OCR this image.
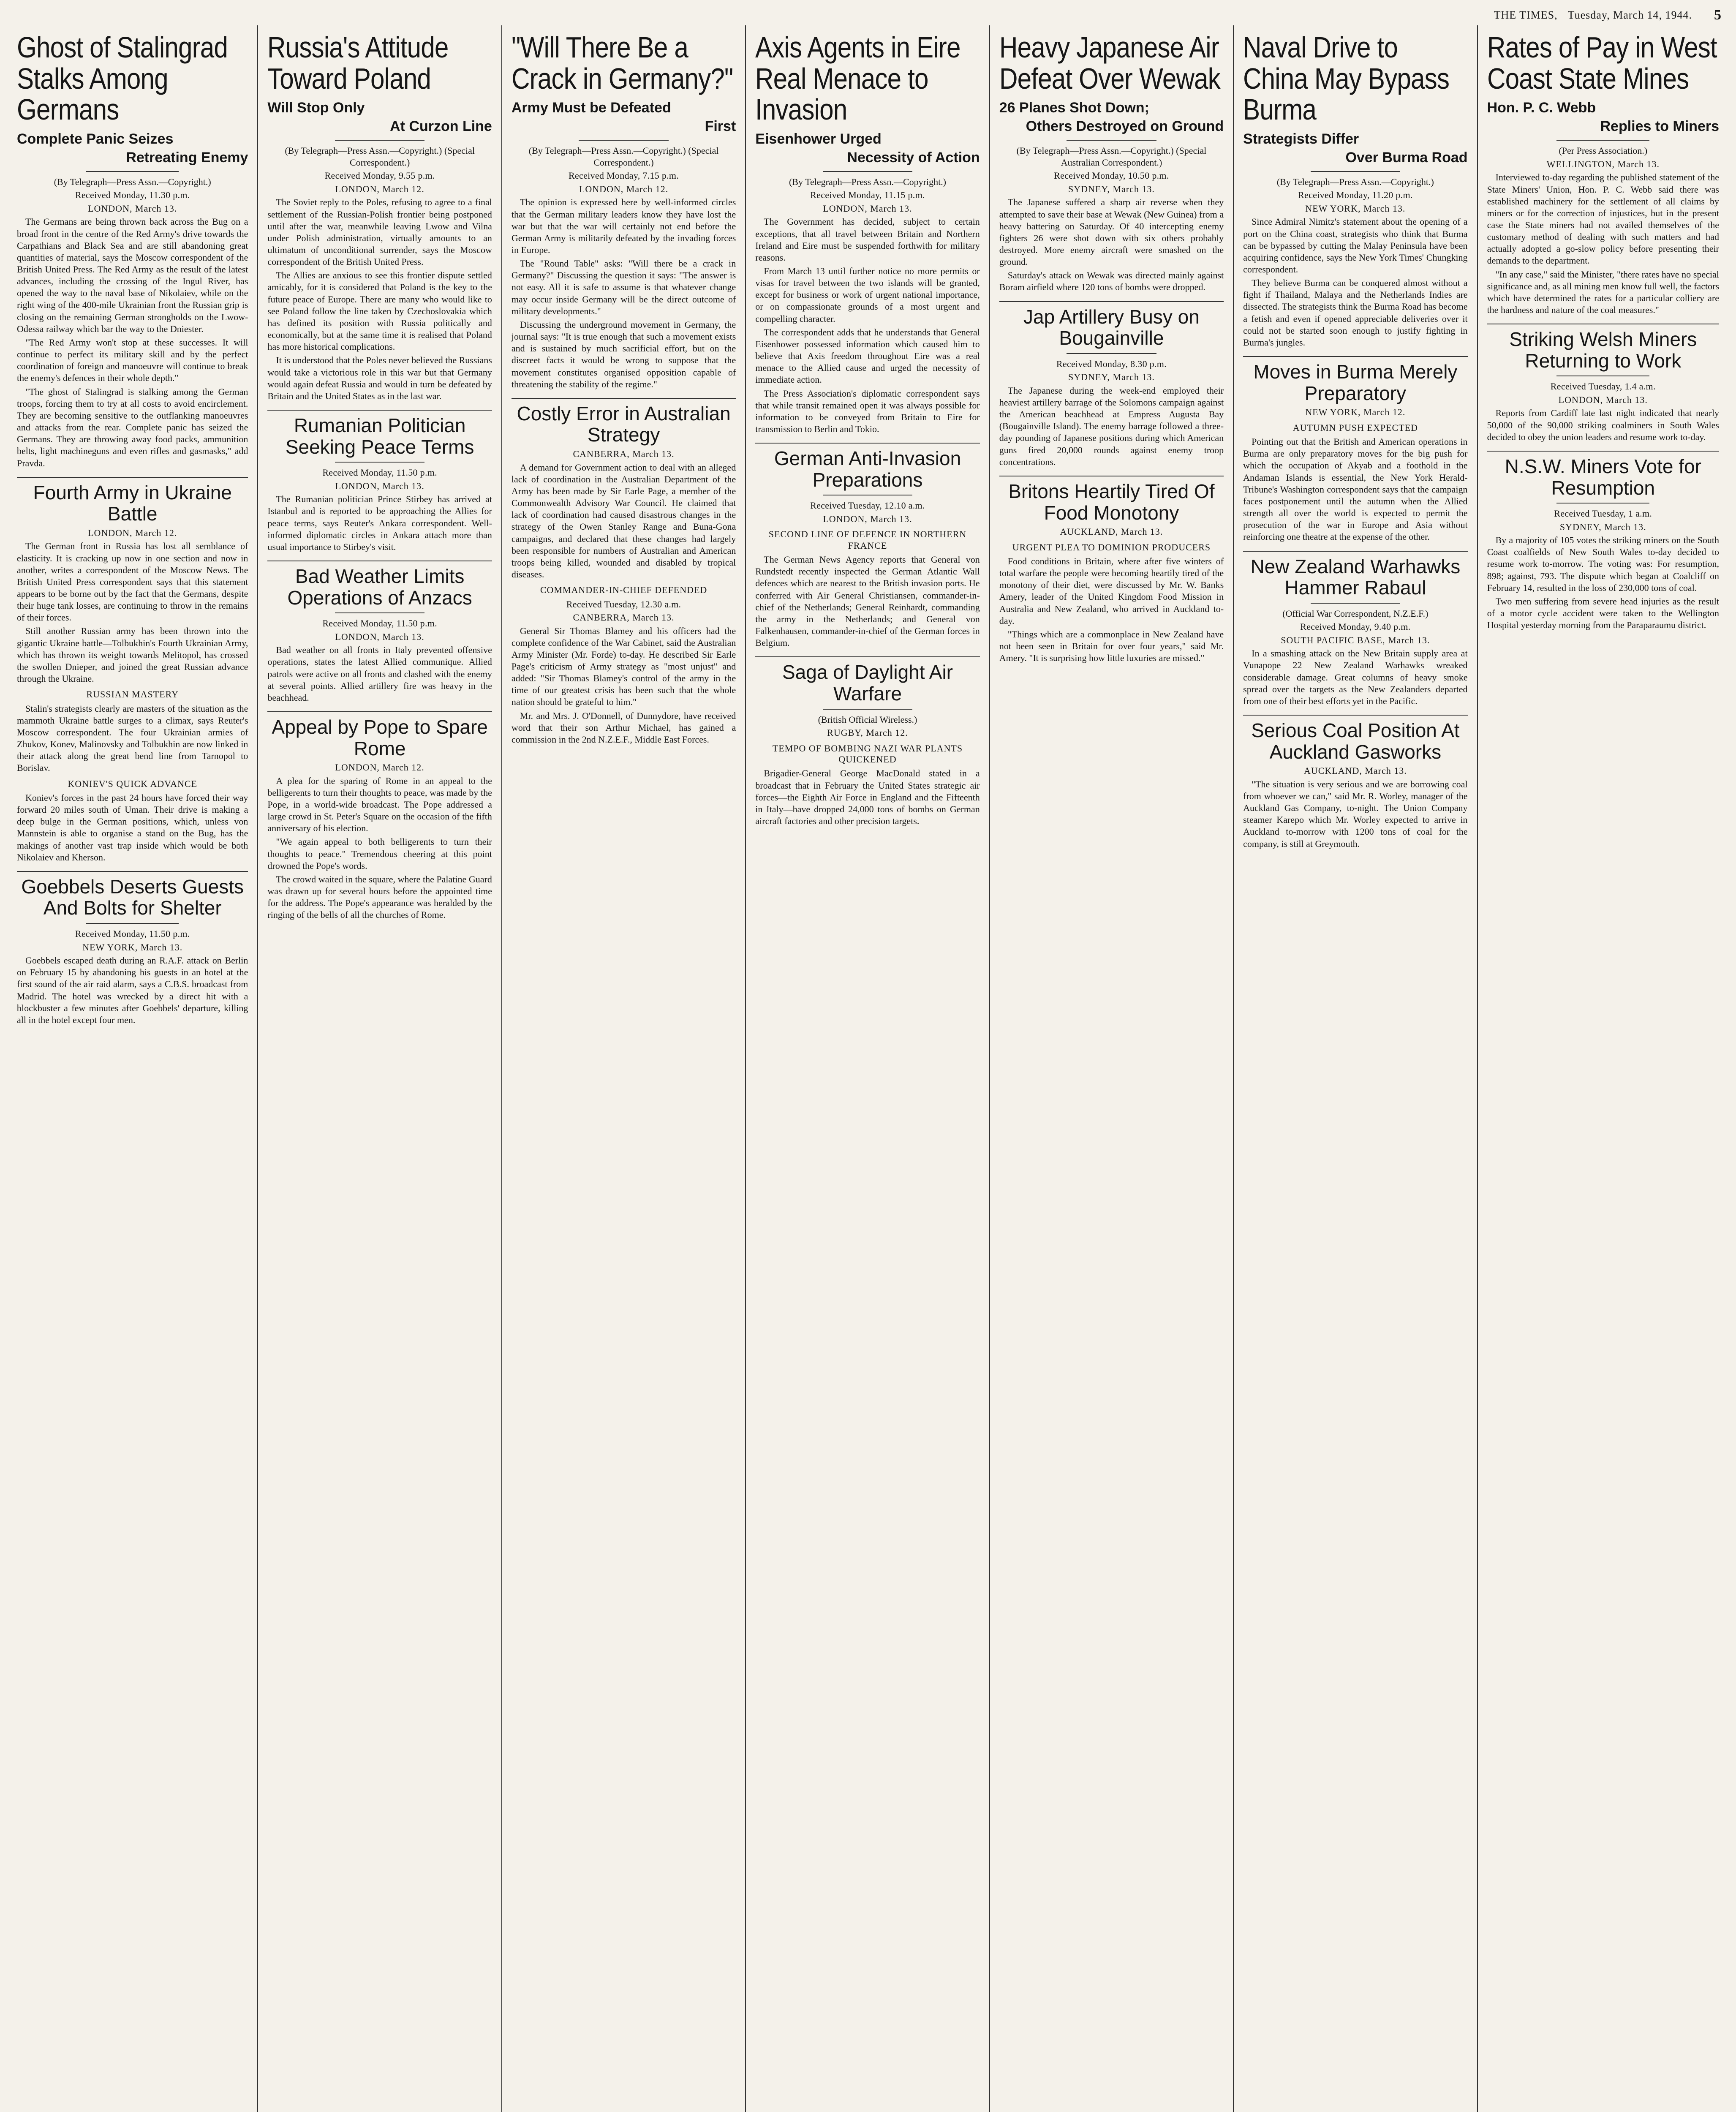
THE TIMES, Tuesday, March 14, 1944. 5
Ghost of Stalingrad Stalks Among Germans
Complete Panic Seizes
Retreating Enemy
(By Telegraph—Press Assn.—Copyright.)
Received Monday, 11.30 p.m.
LONDON, March 13.

The Germans are being thrown back across the Bug on a broad front in the centre of the Red Army's drive towards the Carpathians and Black Sea and are still abandoning great quantities of material, says the Moscow correspondent of the British United Press. The Red Army as the result of the latest advances, including the crossing of the Ingul River, has opened the way to the naval base of Nikolaiev, while on the right wing of the 400-mile Ukrainian front the Russian grip is closing on the remaining German strongholds on the Lwow-Odessa railway which bar the way to the Dniester.

"The Red Army won't stop at these successes. It will continue to perfect its military skill and by the perfect coordination of foreign and manoeuvre will continue to break the enemy's defences in their whole depth."

"The ghost of Stalingrad is stalking among the German troops, forcing them to try at all costs to avoid encirclement. They are becoming sensitive to the outflanking manoeuvres and attacks from the rear. Complete panic has seized the Germans. They are throwing away food packs, ammunition belts, light machineguns and even rifles and gasmasks," add Pravda.

Fourth Army in Ukraine Battle
LONDON, March 12.

The German front in Russia has lost all semblance of elasticity. It is cracking up now in one section and now in another, writes a correspondent of the Moscow News. The British United Press correspondent says that this statement appears to be borne out by the fact that the Germans, despite their huge tank losses, are continuing to throw in the remains of their forces.

Still another Russian army has been thrown into the gigantic Ukraine battle—Tolbukhin's Fourth Ukrainian Army, which has thrown its weight towards Melitopol, has crossed the swollen Dnieper, and joined the great Russian advance through the Ukraine.

RUSSIAN MASTERY

Stalin's strategists clearly are masters of the situation as the mammoth Ukraine battle surges to a climax, says Reuter's Moscow correspondent. The four Ukrainian armies of Zhukov, Konev, Malinovsky and Tolbukhin are now linked in their attack along the great bend line from Tarnopol to Borislav.

KONIEV'S QUICK ADVANCE

Koniev's forces in the past 24 hours have forced their way forward 20 miles south of Uman. Their drive is making a deep bulge in the German positions, which, unless von Mannstein is able to organise a stand on the Bug, has the makings of another vast trap inside which would be both Nikolaiev and Kherson.

Goebbels Deserts Guests And Bolts for Shelter
Received Monday, 11.50 p.m.
NEW YORK, March 13.

Goebbels escaped death during an R.A.F. attack on Berlin on February 15 by abandoning his guests in an hotel at the first sound of the air raid alarm, says a C.B.S. broadcast from Madrid. The hotel was wrecked by a direct hit with a blockbuster a few minutes after Goebbels' departure, killing all in the hotel except four men.

Russia's Attitude Toward Poland
Will Stop Only
At Curzon Line
(By Telegraph—Press Assn.—Copyright.) (Special Correspondent.)
Received Monday, 9.55 p.m.
LONDON, March 12.

The Soviet reply to the Poles, refusing to agree to a final settlement of the Russian-Polish frontier being postponed until after the war, meanwhile leaving Lwow and Vilna under Polish administration, virtually amounts to an ultimatum of unconditional surrender, says the Moscow correspondent of the British United Press.

The Allies are anxious to see this frontier dispute settled amicably, for it is considered that Poland is the key to the future peace of Europe. There are many who would like to see Poland follow the line taken by Czechoslovakia which has defined its position with Russia politically and economically, but at the same time it is realised that Poland has more historical complications.

It is understood that the Poles never believed the Russians would take a victorious role in this war but that Germany would again defeat Russia and would in turn be defeated by Britain and the United States as in the last war.

Rumanian Politician Seeking Peace Terms
Received Monday, 11.50 p.m.
LONDON, March 13.

The Rumanian politician Prince Stirbey has arrived at Istanbul and is reported to be approaching the Allies for peace terms, says Reuter's Ankara correspondent. Well-informed diplomatic circles in Ankara attach more than usual importance to Stirbey's visit.

Bad Weather Limits Operations of Anzacs
Received Monday, 11.50 p.m.
LONDON, March 13.

Bad weather on all fronts in Italy prevented offensive operations, states the latest Allied communique. Allied patrols were active on all fronts and clashed with the enemy at several points. Allied artillery fire was heavy in the beachhead.

Appeal by Pope to Spare Rome
LONDON, March 12.

A plea for the sparing of Rome in an appeal to the belligerents to turn their thoughts to peace, was made by the Pope, in a world-wide broadcast. The Pope addressed a large crowd in St. Peter's Square on the occasion of the fifth anniversary of his election.

"We again appeal to both belligerents to turn their thoughts to peace." Tremendous cheering at this point drowned the Pope's words.

The crowd waited in the square, where the Palatine Guard was drawn up for several hours before the appointed time for the address. The Pope's appearance was heralded by the ringing of the bells of all the churches of Rome.

"Will There Be a Crack in Germany?"
Army Must be Defeated
First
(By Telegraph—Press Assn.—Copyright.) (Special Correspondent.)
Received Monday, 7.15 p.m.
LONDON, March 12.

The opinion is expressed here by well-informed circles that the German military leaders know they have lost the war but that the war will certainly not end before the German Army is militarily defeated by the invading forces in Europe.

The "Round Table" asks: "Will there be a crack in Germany?" Discussing the question it says: "The answer is not easy. All it is safe to assume is that whatever change may occur inside Germany will be the direct outcome of military developments."

Discussing the underground movement in Germany, the journal says: "It is true enough that such a movement exists and is sustained by much sacrificial effort, but on the discreet facts it would be wrong to suppose that the movement constitutes organised opposition capable of threatening the stability of the regime."

Costly Error in Australian Strategy
CANBERRA, March 13.

A demand for Government action to deal with an alleged lack of coordination in the Australian Department of the Army has been made by Sir Earle Page, a member of the Commonwealth Advisory War Council. He claimed that lack of coordination had caused disastrous changes in the strategy of the Owen Stanley Range and Buna-Gona campaigns, and declared that these changes had largely been responsible for numbers of Australian and American troops being killed, wounded and disabled by tropical diseases.

COMMANDER-IN-CHIEF DEFENDED
Received Tuesday, 12.30 a.m.
CANBERRA, March 13.

General Sir Thomas Blamey and his officers had the complete confidence of the War Cabinet, said the Australian Army Minister (Mr. Forde) to-day. He described Sir Earle Page's criticism of Army strategy as "most unjust" and added: "Sir Thomas Blamey's control of the army in the time of our greatest crisis has been such that the whole nation should be grateful to him."

Mr. and Mrs. J. O'Donnell, of Dunnydore, have received word that their son Arthur Michael, has gained a commission in the 2nd N.Z.E.F., Middle East Forces.

Axis Agents in Eire Real Menace to Invasion
Eisenhower Urged
Necessity of Action
(By Telegraph—Press Assn.—Copyright.)
Received Monday, 11.15 p.m.
LONDON, March 13.

The Government has decided, subject to certain exceptions, that all travel between Britain and Northern Ireland and Eire must be suspended forthwith for military reasons.

From March 13 until further notice no more permits or visas for travel between the two islands will be granted, except for business or work of urgent national importance, or on compassionate grounds of a most urgent and compelling character.

The correspondent adds that he understands that General Eisenhower possessed information which caused him to believe that Axis freedom throughout Eire was a real menace to the Allied cause and urged the necessity of immediate action.

The Press Association's diplomatic correspondent says that while transit remained open it was always possible for information to be conveyed from Britain to Eire for transmission to Berlin and Tokio.

German Anti-Invasion Preparations
Received Tuesday, 12.10 a.m.
LONDON, March 13.
SECOND LINE OF DEFENCE IN NORTHERN FRANCE

The German News Agency reports that General von Rundstedt recently inspected the German Atlantic Wall defences which are nearest to the British invasion ports. He conferred with Air General Christiansen, commander-in-chief of the Netherlands; General Reinhardt, commanding the army in the Netherlands; and General von Falkenhausen, commander-in-chief of the German forces in Belgium.

Saga of Daylight Air Warfare
(British Official Wireless.)
RUGBY, March 12.
TEMPO OF BOMBING NAZI WAR PLANTS QUICKENED

Brigadier-General George MacDonald stated in a broadcast that in February the United States strategic air forces—the Eighth Air Force in England and the Fifteenth in Italy—have dropped 24,000 tons of bombs on German aircraft factories and other precision targets.

Heavy Japanese Air Defeat Over Wewak
26 Planes Shot Down;
Others Destroyed on Ground
(By Telegraph—Press Assn.—Copyright.) (Special Australian Correspondent.)
Received Monday, 10.50 p.m.
SYDNEY, March 13.

The Japanese suffered a sharp air reverse when they attempted to save their base at Wewak (New Guinea) from a heavy battering on Saturday. Of 40 intercepting enemy fighters 26 were shot down with six others probably destroyed. More enemy aircraft were smashed on the ground.

Saturday's attack on Wewak was directed mainly against Boram airfield where 120 tons of bombs were dropped.

Jap Artillery Busy on Bougainville
Received Monday, 8.30 p.m.
SYDNEY, March 13.

The Japanese during the week-end employed their heaviest artillery barrage of the Solomons campaign against the American beachhead at Empress Augusta Bay (Bougainville Island). The enemy barrage followed a three-day pounding of Japanese positions during which American guns fired 20,000 rounds against enemy troop concentrations.

Britons Heartily Tired Of Food Monotony
AUCKLAND, March 13.
URGENT PLEA TO DOMINION PRODUCERS

Food conditions in Britain, where after five winters of total warfare the people were becoming heartily tired of the monotony of their diet, were discussed by Mr. W. Banks Amery, leader of the United Kingdom Food Mission in Australia and New Zealand, who arrived in Auckland to-day.

"Things which are a commonplace in New Zealand have not been seen in Britain for over four years," said Mr. Amery. "It is surprising how little luxuries are missed."

Naval Drive to China May Bypass Burma
Strategists Differ
Over Burma Road
(By Telegraph—Press Assn.—Copyright.)
Received Monday, 11.20 p.m.
NEW YORK, March 13.

Since Admiral Nimitz's statement about the opening of a port on the China coast, strategists who think that Burma can be bypassed by cutting the Malay Peninsula have been acquiring confidence, says the New York Times' Chungking correspondent.

They believe Burma can be conquered almost without a fight if Thailand, Malaya and the Netherlands Indies are dissected. The strategists think the Burma Road has become a fetish and even if opened appreciable deliveries over it could not be started soon enough to justify fighting in Burma's jungles.

Moves in Burma Merely Preparatory
NEW YORK, March 12.
AUTUMN PUSH EXPECTED

Pointing out that the British and American operations in Burma are only preparatory moves for the big push for which the occupation of Akyab and a foothold in the Andaman Islands is essential, the New York Herald-Tribune's Washington correspondent says that the campaign faces postponement until the autumn when the Allied strength all over the world is expected to permit the prosecution of the war in Europe and Asia without reinforcing one theatre at the expense of the other.

New Zealand Warhawks Hammer Rabaul
(Official War Correspondent, N.Z.E.F.)
Received Monday, 9.40 p.m.
SOUTH PACIFIC BASE, March 13.

In a smashing attack on the New Britain supply area at Vunapope 22 New Zealand Warhawks wreaked considerable damage. Great columns of heavy smoke spread over the targets as the New Zealanders departed from one of their best efforts yet in the Pacific.

Serious Coal Position At Auckland Gasworks
AUCKLAND, March 13.

"The situation is very serious and we are borrowing coal from whoever we can," said Mr. R. Worley, manager of the Auckland Gas Company, to-night. The Union Company steamer Karepo which Mr. Worley expected to arrive in Auckland to-morrow with 1200 tons of coal for the company, is still at Greymouth.

Rates of Pay in West Coast State Mines
Hon. P. C. Webb
Replies to Miners
(Per Press Association.)
WELLINGTON, March 13.

Interviewed to-day regarding the published statement of the State Miners' Union, Hon. P. C. Webb said there was established machinery for the settlement of all claims by miners or for the correction of injustices, but in the present case the State miners had not availed themselves of the customary method of dealing with such matters and had actually adopted a go-slow policy before presenting their demands to the department.

"In any case," said the Minister, "there rates have no special significance and, as all mining men know full well, the factors which have determined the rates for a particular colliery are the hardness and nature of the coal measures."

Striking Welsh Miners Returning to Work
Received Tuesday, 1.4 a.m.
LONDON, March 13.

Reports from Cardiff late last night indicated that nearly 50,000 of the 90,000 striking coalminers in South Wales decided to obey the union leaders and resume work to-day.

N.S.W. Miners Vote for Resumption
Received Tuesday, 1 a.m.
SYDNEY, March 13.

By a majority of 105 votes the striking miners on the South Coast coalfields of New South Wales to-day decided to resume work to-morrow. The voting was: For resumption, 898; against, 793. The dispute which began at Coalcliff on February 14, resulted in the loss of 230,000 tons of coal.

Two men suffering from severe head injuries as the result of a motor cycle accident were taken to the Wellington Hospital yesterday morning from the Paraparaumu district.
